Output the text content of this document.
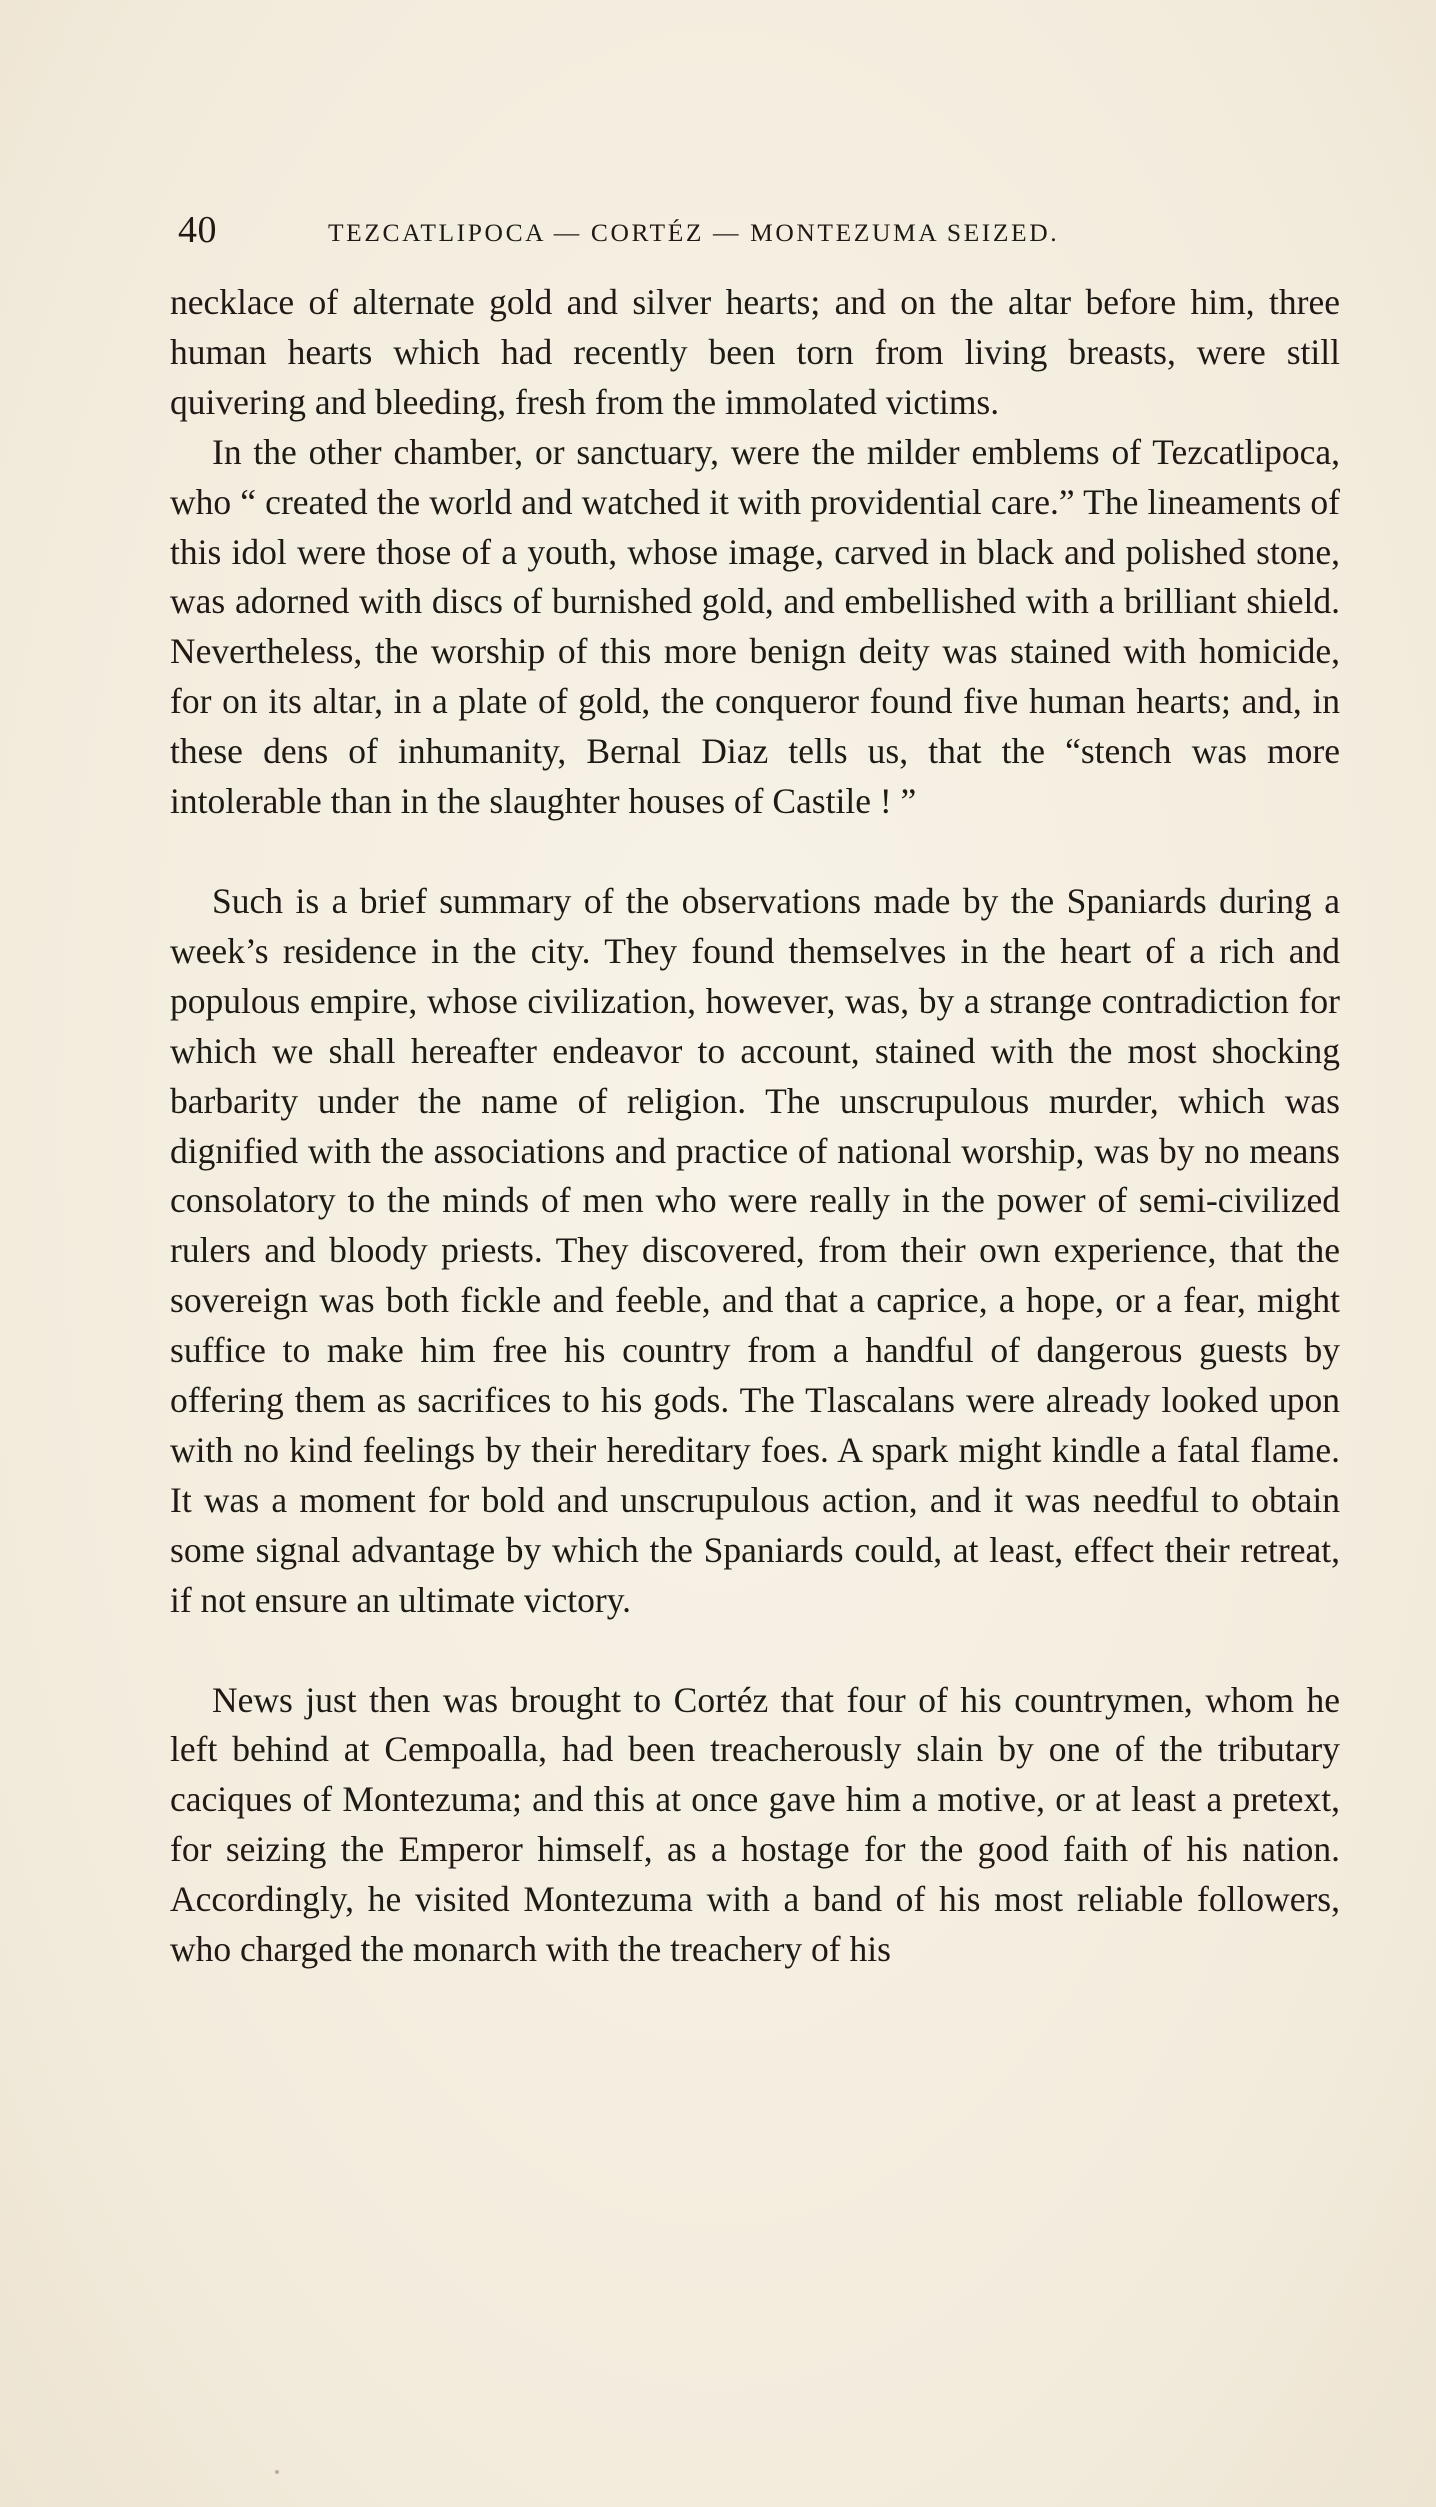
40	TEZCATLIPOCA — CORTÉZ — MONTEZUMA SEIZED.

necklace of alternate gold and silver hearts; and on the altar before him, three human hearts which had recently been torn from living breasts, were still quivering and bleeding, fresh from the immolated victims.

In the other chamber, or sanctuary, were the milder emblems of Tezcatlipoca, who “ created the world and watched it with providential care.” The lineaments of this idol were those of a youth, whose image, carved in black and polished stone, was adorned with discs of burnished gold, and embellished with a brilliant shield. Nevertheless, the worship of this more benign deity was stained with homicide, for on its altar, in a plate of gold, the conqueror found five human hearts; and, in these dens of inhumanity, Bernal Diaz tells us, that the “stench was more intolerable than in the slaughter houses of Castile ! ”

Such is a brief summary of the observations made by the Spaniards during a week’s residence in the city. They found themselves in the heart of a rich and populous empire, whose civilization, however, was, by a strange contradiction for which we shall hereafter endeavor to account, stained with the most shocking barbarity under the name of religion. The unscrupulous murder, which was dignified with the associations and practice of national worship, was by no means consolatory to the minds of men who were really in the power of semi-civilized rulers and bloody priests. They discovered, from their own experience, that the sovereign was both fickle and feeble, and that a caprice, a hope, or a fear, might suffice to make him free his country from a handful of dangerous guests by offering them as sacrifices to his gods. The Tlascalans were already looked upon with no kind feelings by their hereditary foes. A spark might kindle a fatal flame. It was a moment for bold and unscrupulous action, and it was needful to obtain some signal advantage by which the Spaniards could, at least, effect their retreat, if not ensure an ultimate victory.

News just then was brought to Cortéz that four of his countrymen, whom he left behind at Cempoalla, had been treacherously slain by one of the tributary caciques of Montezuma; and this at once gave him a motive, or at least a pretext, for seizing the Emperor himself, as a hostage for the good faith of his nation. Accordingly, he visited Montezuma with a band of his most reliable followers, who charged the monarch with the treachery of his
